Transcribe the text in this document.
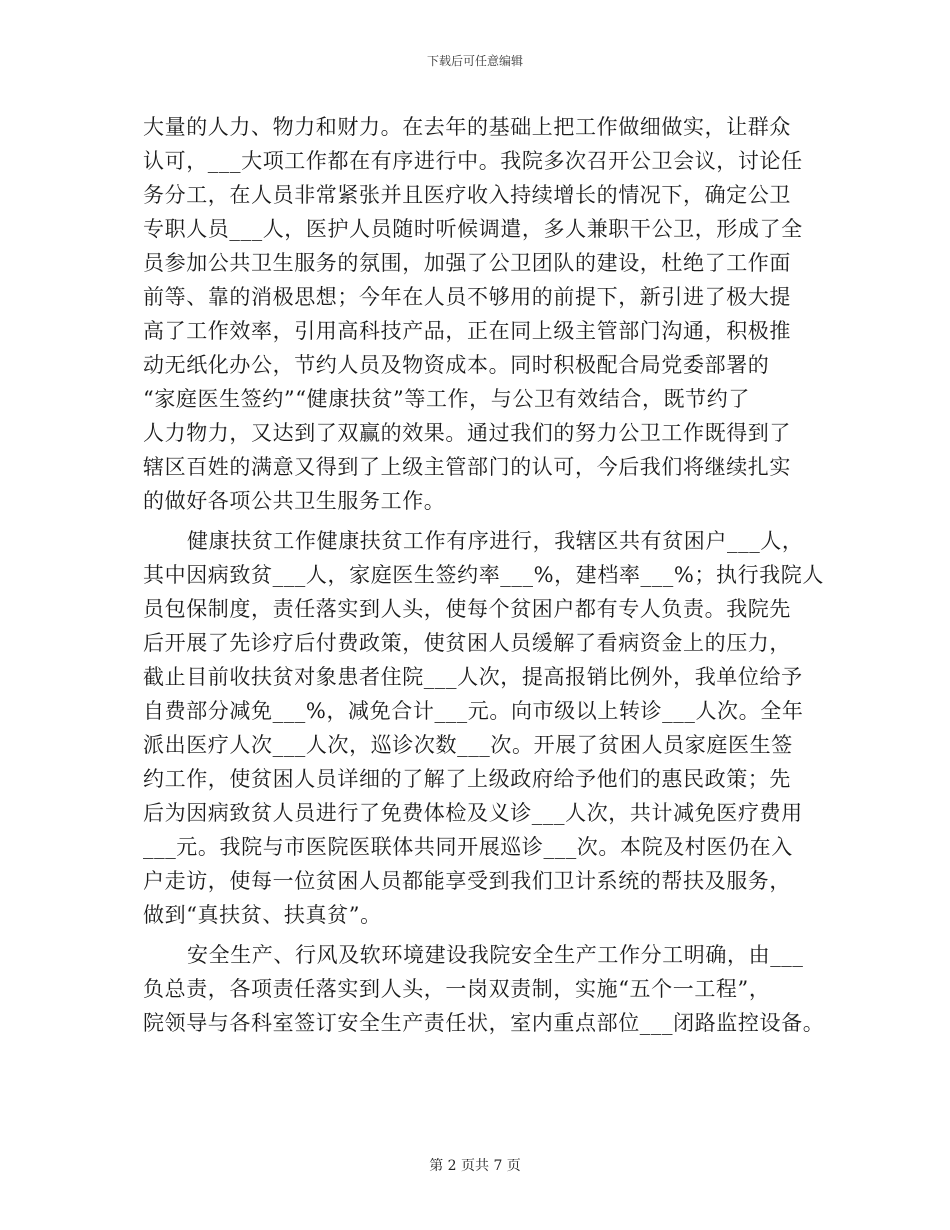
下载后可任意编辑
大量的人力、物力和财力。在去年的基础上把工作做细做实，让群众
认可，___大项工作都在有序进行中。我院多次召开公卫会议，讨论任
务分工，在人员非常紧张并且医疗收入持续增长的情况下，确定公卫
专职人员___人，医护人员随时听候调遣，多人兼职干公卫，形成了全
员参加公共卫生服务的氛围，加强了公卫团队的建设，杜绝了工作面
前等、靠的消极思想；今年在人员不够用的前提下，新引进了极大提
高了工作效率，引用高科技产品，正在同上级主管部门沟通，积极推
动无纸化办公，节约人员及物资成本。同时积极配合局党委部署的
“家庭医生签约”“健康扶贫”等工作，与公卫有效结合，既节约了
人力物力，又达到了双赢的效果。通过我们的努力公卫工作既得到了
辖区百姓的满意又得到了上级主管部门的认可，今后我们将继续扎实
的做好各项公共卫生服务工作。
健康扶贫工作健康扶贫工作有序进行，我辖区共有贫困户___人，
其中因病致贫___人，家庭医生签约率___%，建档率___%；执行我院人
员包保制度，责任落实到人头，使每个贫困户都有专人负责。我院先
后开展了先诊疗后付费政策，使贫困人员缓解了看病资金上的压力，
截止目前收扶贫对象患者住院___人次，提高报销比例外，我单位给予
自费部分减免___%，减免合计___元。向市级以上转诊___人次。全年
派出医疗人次___人次，巡诊次数___次。开展了贫困人员家庭医生签
约工作，使贫困人员详细的了解了上级政府给予他们的惠民政策；先
后为因病致贫人员进行了免费体检及义诊___人次，共计减免医疗费用
___元。我院与市医院医联体共同开展巡诊___次。本院及村医仍在入
户走访，使每一位贫困人员都能享受到我们卫计系统的帮扶及服务，
做到“真扶贫、扶真贫”。
安全生产、行风及软环境建设我院安全生产工作分工明确，由___
负总责，各项责任落实到人头，一岗双责制，实施“五个一工程”，
院领导与各科室签订安全生产责任状，室内重点部位___闭路监控设备。
第 2 页共 7 页
